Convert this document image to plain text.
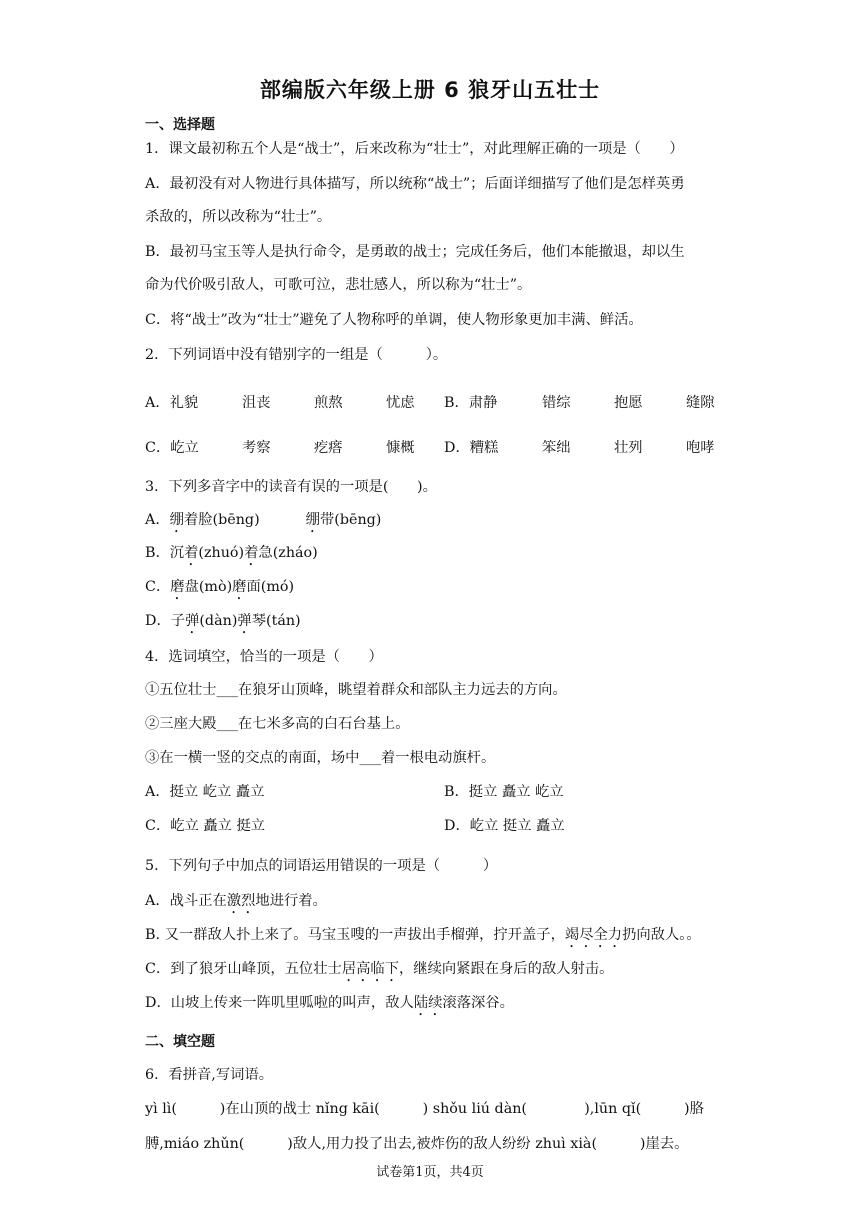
部编版六年级上册 6 狼牙山五壮士
一、选择题
1．课文最初称五个人是“战士”，后来改称为“壮士”，对此理解正确的一项是（　　）
A．最初没有对人物进行具体描写，所以统称“战士”；后面详细描写了他们是怎样英勇
杀敌的，所以改称为“壮士”。
B．最初马宝玉等人是执行命令，是勇敢的战士；完成任务后，他们本能撤退，却以生
命为代价吸引敌人，可歌可泣，悲壮感人，所以称为“壮士”。
C．将“战士”改为“壮士”避免了人物称呼的单调，使人物形象更加丰满、鲜活。
2．下列词语中没有错别字的一组是（　　　）。
A．礼貌	沮丧	煎熬	忧虑 B．肃静	错综	抱愿	缝隙
C．屹立	考察	疙瘩	慷概 D．糟糕	笨绌	壮列	咆哮
3．下列多音字中的读音有误的一项是(　　)。
A．绷着脸(bēng)	绷带(bēng)
B．沉着(zhuó)着急(zháo)
C．磨盘(mò)磨面(mó)
D．子弹(dàn)弹琴(tán)
4．选词填空，恰当的一项是（　　）
①五位壮士___在狼牙山顶峰，眺望着群众和部队主力远去的方向。
②三座大殿___在七米多高的白石台基上。
③在一横一竖的交点的南面，场中___着一根电动旗杆。
A．挺立 屹立 矗立	B．挺立 矗立 屹立
C．屹立 矗立 挺立	D．屹立 挺立 矗立
5．下列句子中加点的词语运用错误的一项是（　　　）
A．战斗正在激烈地进行着。
B. 又一群敌人扑上来了。马宝玉嗖的一声拔出手榴弹，拧开盖子，竭尽全力扔向敌人。。
C．到了狼牙山峰顶，五位壮士居高临下，继续向紧跟在身后的敌人射击。
D．山坡上传来一阵叽里呱啦的叫声，敌人陆续滚落深谷。
二、填空题
6．看拼音,写词语。
yì lì(　　　)在山顶的战士 nǐng kāi(　　　) shǒu liú dàn(　　　　),lūn qǐ(　　　)胳
膊,miáo zhǔn(　　　)敌人,用力投了出去,被炸伤的敌人纷纷 zhuì xià(　　　)崖去。
试卷第1页，共4页
